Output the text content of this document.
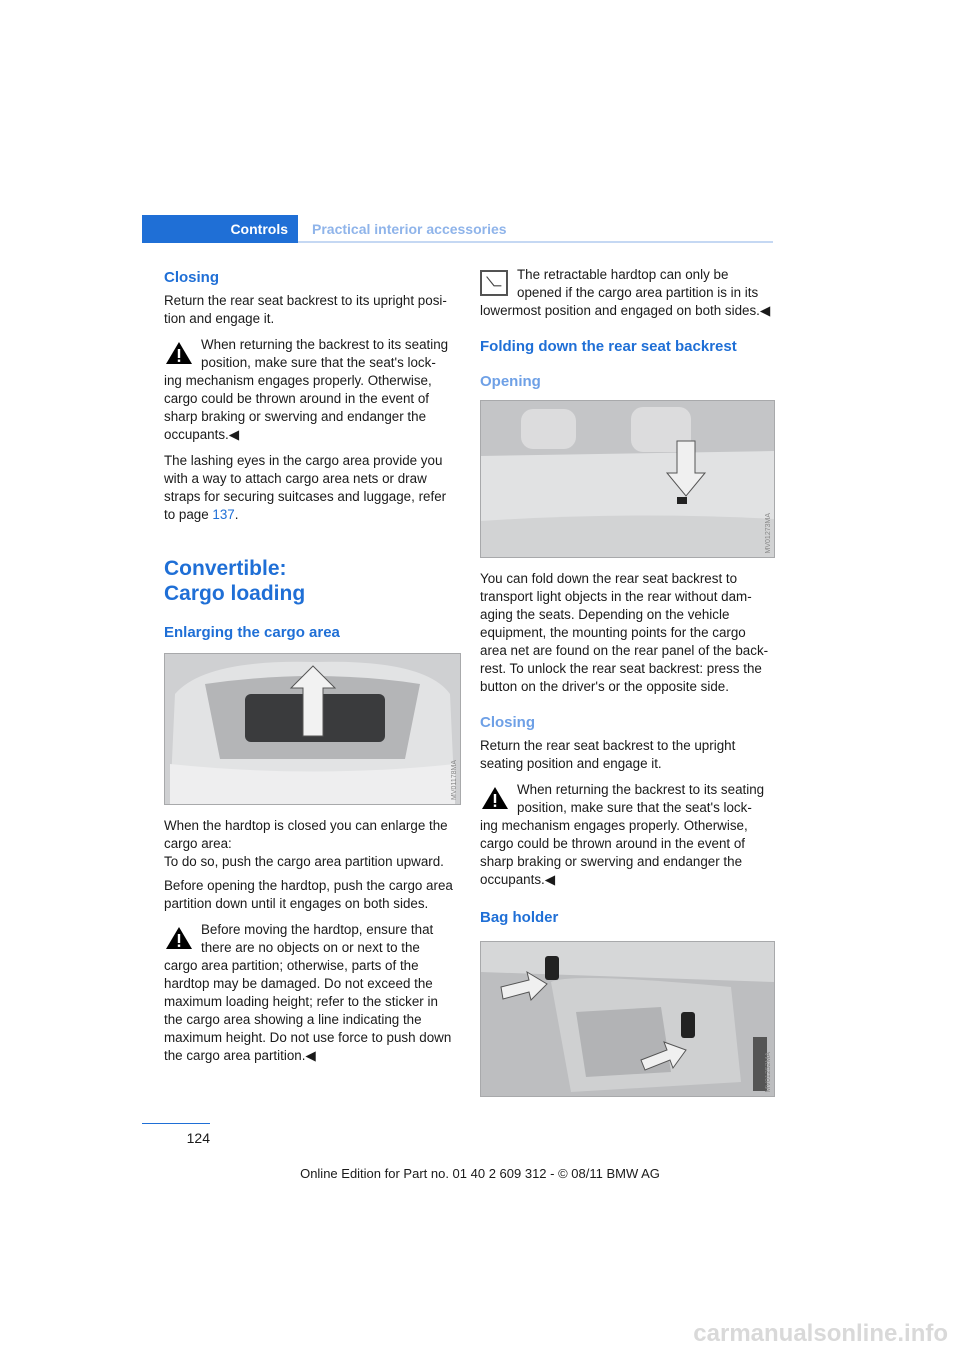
Controls	Practical interior accessories
Closing

Return the rear seat backrest to its upright posi-tion and engage it.

When returning the backrest to its seating position, make sure that the seat's lock-

ing mechanism engages properly. Otherwise, cargo could be thrown around in the event of sharp braking or swerving and endanger the occupants.◀

The lashing eyes in the cargo area provide you with a way to attach cargo area nets or draw straps for securing suitcases and luggage, refer to page 137.

Convertible:
Cargo loading
Enlarging the cargo area
MV01178MA

When the hardtop is closed you can enlarge the cargo area:

To do so, push the cargo area partition upward.

Before opening the hardtop, push the cargo area partition down until it engages on both sides.

Before moving the hardtop, ensure that there are no objects on or next to the

cargo area partition; otherwise, parts of the hardtop may be damaged. Do not exceed the maximum loading height; refer to the sticker in the cargo area showing a line indicating the maximum height. Do not use force to push down the cargo area partition.◀

The retractable hardtop can only be opened if the cargo area partition is in its

lowermost position and engaged on both sides.◀

Folding down the rear seat backrest
Opening
MV01273MA

You can fold down the rear seat backrest to transport light objects in the rear without dam-aging the seats. Depending on the vehicle equipment, the mounting points for the cargo area net are found on the rear panel of the back-rest. To unlock the rear seat backrest: press the button on the driver's or the opposite side.

Closing

Return the rear seat backrest to the upright seating position and engage it.

When returning the backrest to its seating position, make sure that the seat's lock-

ing mechanism engages properly. Otherwise, cargo could be thrown around in the event of sharp braking or swerving and endanger the occupants.◀

Bag holder
MV01252MA
124
Online Edition for Part no. 01 40 2 609 312 - © 08/11 BMW AG
carmanualsonline.info
